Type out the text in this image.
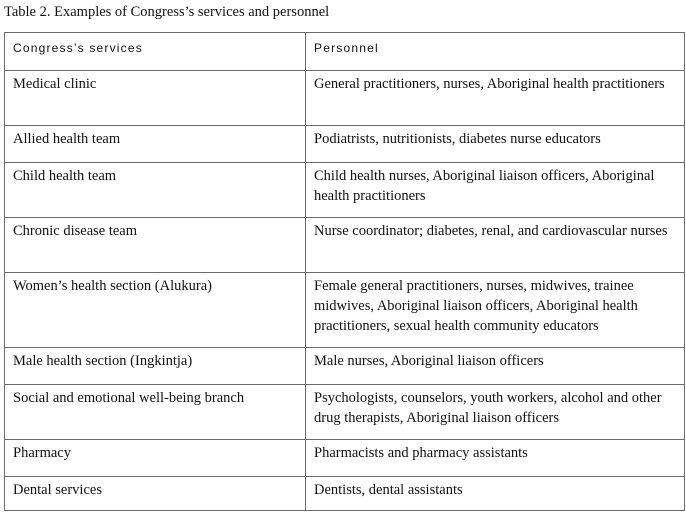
Table 2. Examples of Congress’s services and personnel
Congress’s services	Personnel
Medical clinic	General practitioners, nurses, Aboriginal health practitioners
Allied health team	Podiatrists, nutritionists, diabetes nurse educators
Child health team	Child health nurses, Aboriginal liaison officers, Aboriginal health practitioners
Chronic disease team	Nurse coordinator; diabetes, renal, and cardiovascular nurses
Women’s health section (Alukura)	Female general practitioners, nurses, midwives, trainee midwives, Aboriginal liaison officers, Aboriginal health practitioners, sexual health community educators
Male health section (Ingkintja)	Male nurses, Aboriginal liaison officers
Social and emotional well-being branch	Psychologists, counselors, youth workers, alcohol and other drug therapists, Aboriginal liaison officers
Pharmacy	Pharmacists and pharmacy assistants
Dental services	Dentists, dental assistants
